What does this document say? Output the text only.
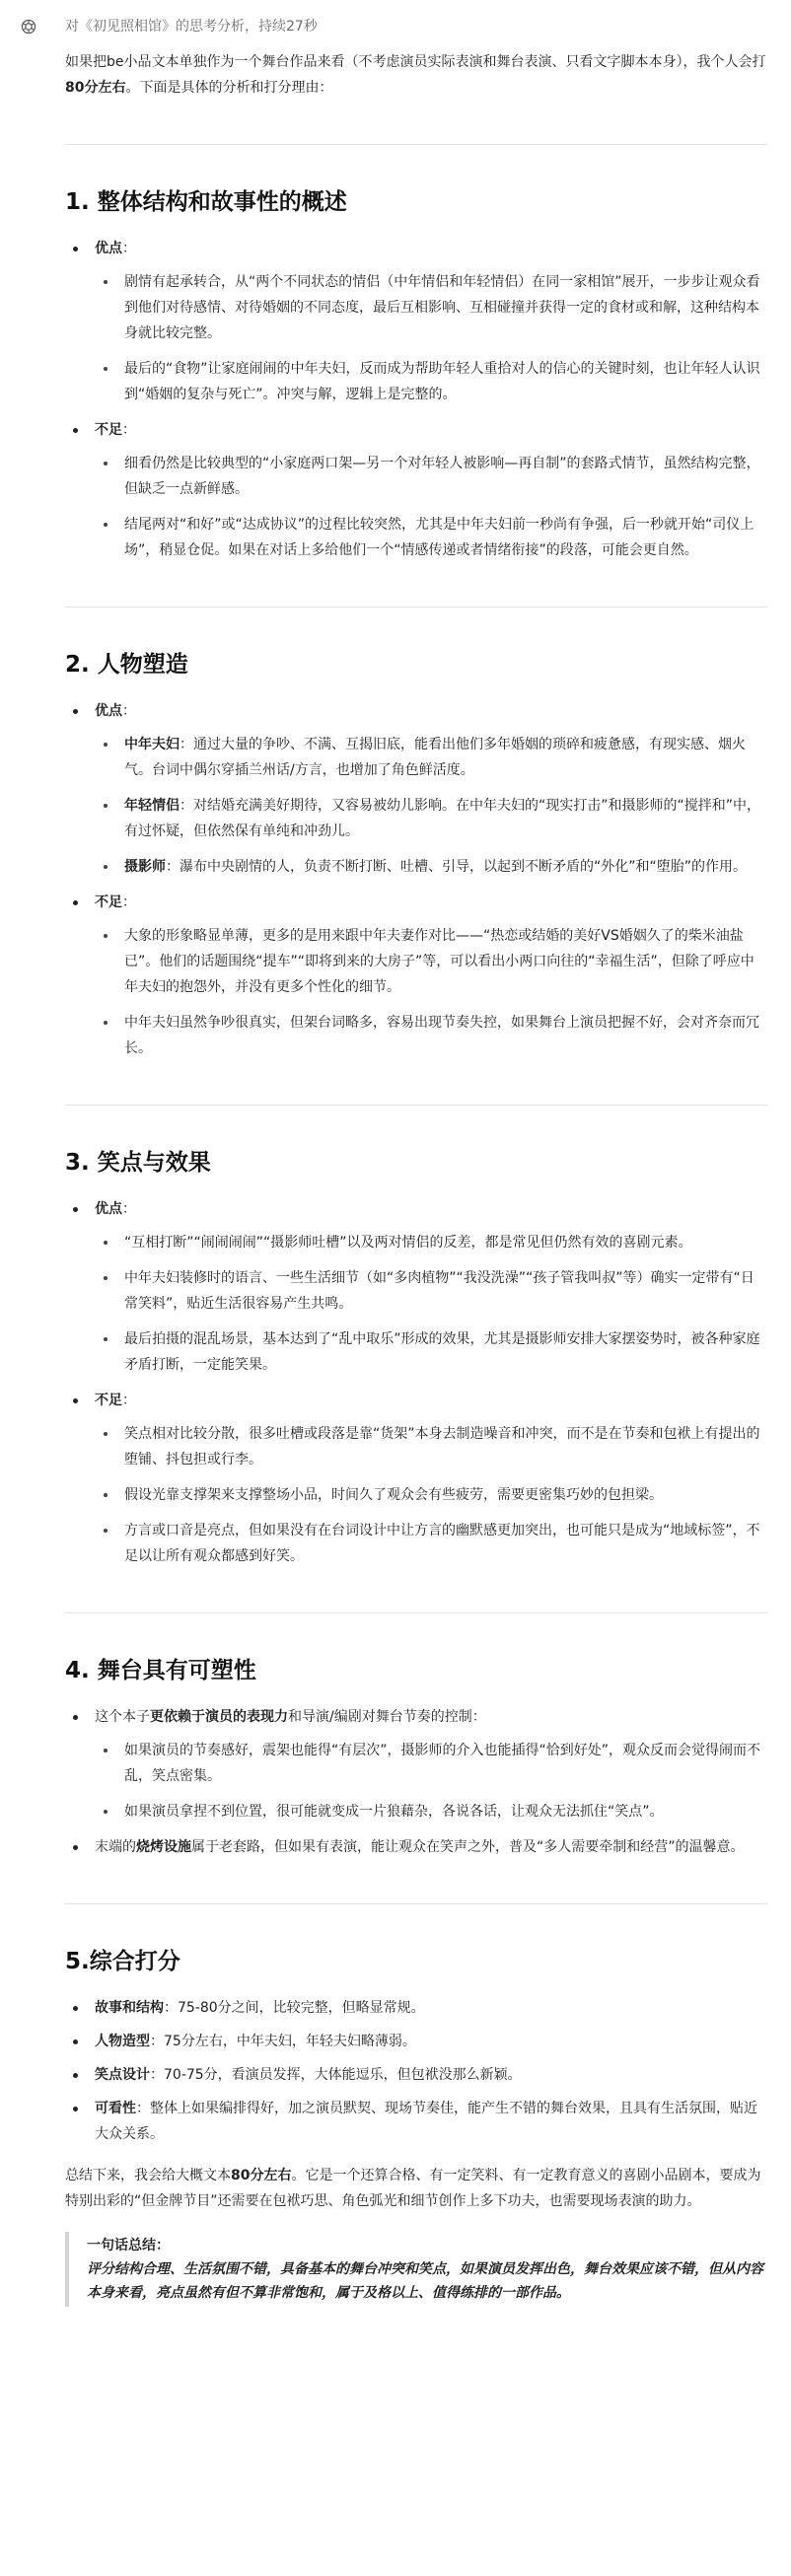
对《初见照相馆》的思考分析，持续27秒

如果把be小品文本单独作为一个舞台作品来看（不考虑演员实际表演和舞台表演、只看文字脚本本身），我个人会打80分左右。下面是具体的分析和打分理由：

1. 整体结构和故事性的概述
优点：
剧情有起承转合，从“两个不同状态的情侣（中年情侣和年轻情侣）在同一家相馆”展开，一步步让观众看到他们对待感情、对待婚姻的不同态度，最后互相影响、互相碰撞并获得一定的食材或和解，这种结构本身就比较完整。
最后的“食物”让家庭闹闹的中年夫妇，反而成为帮助年轻人重拾对人的信心的关键时刻，也让年轻人认识到“婚姻的复杂与死亡”。冲突与解，逻辑上是完整的。
不足：
细看仍然是比较典型的“小家庭两口架—另一个对年轻人被影响—再自制”的套路式情节，虽然结构完整，但缺乏一点新鲜感。
结尾两对“和好”或“达成协议”的过程比较突然，尤其是中年夫妇前一秒尚有争强，后一秒就开始“司仪上场”，稍显仓促。如果在对话上多给他们一个“情感传递或者情绪衔接”的段落，可能会更自然。
2. 人物塑造
优点：
中年夫妇：通过大量的争吵、不满、互揭旧底，能看出他们多年婚姻的琐碎和疲惫感，有现实感、烟火气。台词中偶尔穿插兰州话/方言，也增加了角色鲜活度。
年轻情侣：对结婚充满美好期待，又容易被幼儿影响。在中年夫妇的“现实打击”和摄影师的“搅拌和”中，有过怀疑，但依然保有单纯和冲劲儿。
摄影师：瀑布中央剧情的人，负责不断打断、吐槽、引导，以起到不断矛盾的“外化”和“堕胎”的作用。
不足：
大象的形象略显单薄，更多的是用来跟中年夫妻作对比——“热恋或结婚的美好VS婚姻久了的柴米油盐已”。他们的话题围绕“提车”“即将到来的大房子”等，可以看出小两口向往的“幸福生活”，但除了呼应中年夫妇的抱怨外，并没有更多个性化的细节。
中年夫妇虽然争吵很真实，但架台词略多，容易出现节奏失控，如果舞台上演员把握不好，会对齐奈而冗长。
3. 笑点与效果
优点：
“互相打断”“闹闹闹闹”“摄影师吐槽”以及两对情侣的反差，都是常见但仍然有效的喜剧元素。
中年夫妇装修时的语言、一些生活细节（如“多肉植物”“我没洗澡”“孩子管我叫叔”等）确实一定带有“日常笑料”，贴近生活很容易产生共鸣。
最后拍摄的混乱场景，基本达到了“乱中取乐”形成的效果，尤其是摄影师安排大家摆姿势时，被各种家庭矛盾打断，一定能笑果。
不足：
笑点相对比较分散，很多吐槽或段落是靠“货架”本身去制造噪音和冲突，而不是在节奏和包袱上有提出的堕铺、抖包担或行李。
假设光靠支撑架来支撑整场小品，时间久了观众会有些疲劳，需要更密集巧妙的包担梁。
方言或口音是亮点，但如果没有在台词设计中让方言的幽默感更加突出，也可能只是成为“地域标签”，不足以让所有观众都感到好笑。
4. 舞台具有可塑性
这个本子更依赖于演员的表现力和导演/编剧对舞台节奏的控制：
如果演员的节奏感好，震架也能得“有层次”，摄影师的介入也能插得“恰到好处”，观众反而会觉得闹而不乱，笑点密集。
如果演员拿捏不到位置，很可能就变成一片狼藉杂，各说各话，让观众无法抓住“笑点”。
末端的烧烤设施属于老套路，但如果有表演，能让观众在笑声之外，普及“多人需要牵制和经营”的温馨意。
5.综合打分
故事和结构：75-80分之间，比较完整，但略显常规。
人物造型：75分左右，中年夫妇，年轻夫妇略薄弱。
笑点设计：70-75分，看演员发挥，大体能逗乐，但包袱没那么新颖。
可看性：整体上如果编排得好，加之演员默契、现场节奏佳，能产生不错的舞台效果，且具有生活氛围，贴近大众关系。

总结下来，我会给大概文本80分左右。它是一个还算合格、有一定笑料、有一定教育意义的喜剧小品剧本，要成为特别出彩的“但金牌节目”还需要在包袱巧思、角色弧光和细节创作上多下功夫，也需要现场表演的助力。

一句话总结：
评分结构合理、生活氛围不错，具备基本的舞台冲突和笑点，如果演员发挥出色，舞台效果应该不错，但从内容本身来看，亮点虽然有但不算非常饱和，属于及格以上、值得练排的一部作品。
